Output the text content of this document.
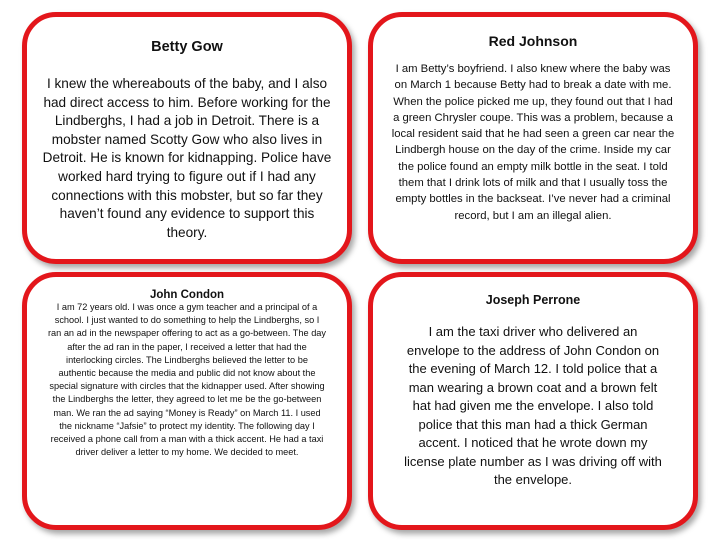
Betty Gow

I knew the whereabouts of the baby, and I also had direct access to him. Before working for the Lindberghs, I had a job in Detroit. There is a mobster named Scotty Gow who also lives in Detroit. He is known for kidnapping. Police have worked hard trying to figure out if I had any connections with this mobster, but so far they haven’t found any evidence to support this theory.

Red Johnson

I am Betty’s boyfriend. I also knew where the baby was on March 1 because Betty had to break a date with me. When the police picked me up, they found out that I had a green Chrysler coupe. This was a problem, because a local resident said that he had seen a green car near the Lindbergh house on the day of the crime. Inside my car the police found an empty milk bottle in the seat. I told them that I drink lots of milk and that I usually toss the empty bottles in the backseat. I’ve never had a criminal record, but I am an illegal alien.

John Condon

I am 72 years old. I was once a gym teacher and a principal of a school. I just wanted to do something to help the Lindberghs, so I ran an ad in the newspaper offering to act as a go-between. The day after the ad ran in the paper, I received a letter that had the interlocking circles. The Lindberghs believed the letter to be authentic because the media and public did not know about the special signature with circles that the kidnapper used. After showing the Lindberghs the letter, they agreed to let me be the go-between man. We ran the ad saying “Money is Ready” on March 11. I used the nickname “Jafsie” to protect my identity. The following day I received a phone call from a man with a thick accent. He had a taxi driver deliver a letter to my home. We decided to meet.

Joseph Perrone

I am the taxi driver who delivered an envelope to the address of John Condon on the evening of March 12. I told police that a man wearing a brown coat and a brown felt hat had given me the envelope. I also told police that this man had a thick German accent. I noticed that he wrote down my license plate number as I was driving off with the envelope.
